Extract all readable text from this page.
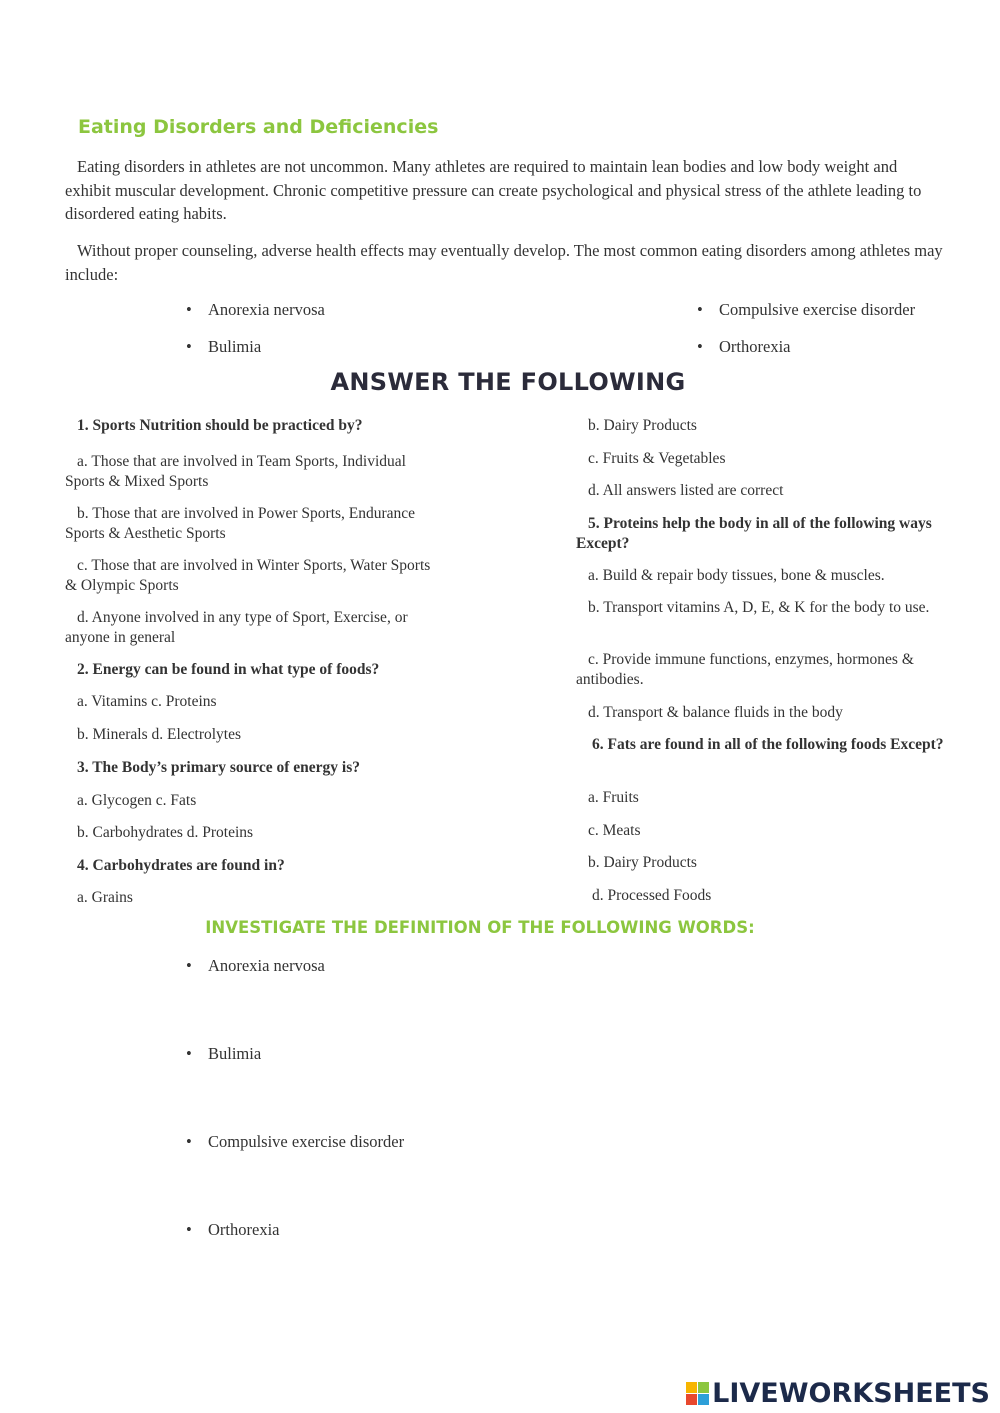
Eating Disorders and Deficiencies
Eating disorders in athletes are not uncommon. Many athletes are required to maintain lean bodies and low body weight and exhibit muscular development. Chronic competitive pressure can create psychological and physical stress of the athlete leading to disordered eating habits.
Without proper counseling, adverse health effects may eventually develop. The most common eating disorders among athletes may include:
• Anorexia nervosa
• Bulimia
• Compulsive exercise disorder
• Orthorexia
ANSWER THE FOLLOWING
1. Sports Nutrition should be practiced by?
a. Those that are involved in Team Sports, Individual Sports & Mixed Sports
b. Those that are involved in Power Sports, Endurance Sports & Aesthetic Sports
c. Those that are involved in Winter Sports, Water Sports & Olympic Sports
d. Anyone involved in any type of Sport, Exercise, or anyone in general
2. Energy can be found in what type of foods?
a. Vitamins c. Proteins
b. Minerals d. Electrolytes
3. The Body’s primary source of energy is?
a. Glycogen c. Fats
b. Carbohydrates d. Proteins
4. Carbohydrates are found in?
a. Grains
b. Dairy Products
c. Fruits & Vegetables
d. All answers listed are correct
5. Proteins help the body in all of the following ways Except?
a. Build & repair body tissues, bone & muscles.
b. Transport vitamins A, D, E, & K for the body to use.
c. Provide immune functions, enzymes, hormones & antibodies.
d. Transport & balance fluids in the body
6. Fats are found in all of the following foods Except?
a. Fruits
c. Meats
b. Dairy Products
d. Processed Foods
INVESTIGATE THE DEFINITION OF THE FOLLOWING WORDS:
• Anorexia nervosa
• Bulimia
• Compulsive exercise disorder
• Orthorexia
LIVEWORKSHEETS
